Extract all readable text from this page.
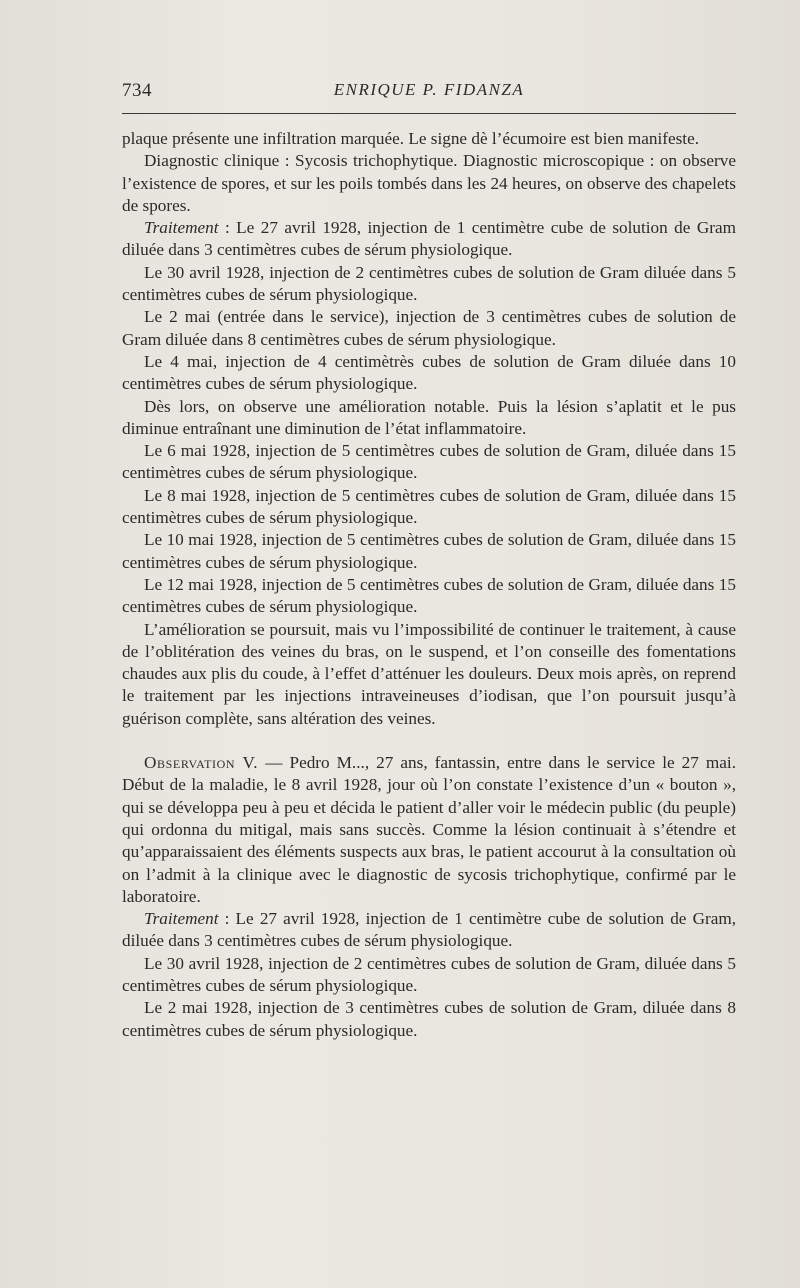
734	ENRIQUE P. FIDANZA

plaque présente une infiltration marquée. Le signe dè l’écumoire est bien manifeste.

Diagnostic clinique : Sycosis trichophytique. Diagnostic microscopique : on observe l’existence de spores, et sur les poils tombés dans les 24 heures, on observe des chapelets de spores.

Traitement : Le 27 avril 1928, injection de 1 centimètre cube de solution de Gram diluée dans 3 centimètres cubes de sérum physiologique.

Le 30 avril 1928, injection de 2 centimètres cubes de solution de Gram diluée dans 5 centimètres cubes de sérum physiologique.

Le 2 mai (entrée dans le service), injection de 3 centimètres cubes de solution de Gram diluée dans 8 centimètres cubes de sérum physiologique.

Le 4 mai, injection de 4 centimètrès cubes de solution de Gram diluée dans 10 centimètres cubes de sérum physiologique.

Dès lors, on observe une amélioration notable. Puis la lésion s’aplatit et le pus diminue entraînant une diminution de l’état inflammatoire.

Le 6 mai 1928, injection de 5 centimètres cubes de solution de Gram, diluée dans 15 centimètres cubes de sérum physiologique.

Le 8 mai 1928, injection de 5 centimètres cubes de solution de Gram, diluée dans 15 centimètres cubes de sérum physiologique.

Le 10 mai 1928, injection de 5 centimètres cubes de solution de Gram, diluée dans 15 centimètres cubes de sérum physiologique.

Le 12 mai 1928, injection de 5 centimètres cubes de solution de Gram, diluée dans 15 centimètres cubes de sérum physiologique.

L’amélioration se poursuit, mais vu l’impossibilité de continuer le traitement, à cause de l’oblitération des veines du bras, on le suspend, et l’on conseille des fomentations chaudes aux plis du coude, à l’effet d’atténuer les douleurs. Deux mois après, on reprend le traitement par les injections intraveineuses d’iodisan, que l’on poursuit jusqu’à guérison complète, sans altération des veines.

Observation V. — Pedro M..., 27 ans, fantassin, entre dans le service le 27 mai. Début de la maladie, le 8 avril 1928, jour où l’on constate l’existence d’un « bouton », qui se développa peu à peu et décida le patient d’aller voir le médecin public (du peuple) qui ordonna du mitigal, mais sans succès. Comme la lésion continuait à s’étendre et qu’apparaissaient des éléments suspects aux bras, le patient accourut à la consultation où on l’admit à la clinique avec le diagnostic de sycosis trichophytique, confirmé par le laboratoire.

Traitement : Le 27 avril 1928, injection de 1 centimètre cube de solution de Gram, diluée dans 3 centimètres cubes de sérum physiologique.

Le 30 avril 1928, injection de 2 centimètres cubes de solution de Gram, diluée dans 5 centimètres cubes de sérum physiologique.

Le 2 mai 1928, injection de 3 centimètres cubes de solution de Gram, diluée dans 8 centimètres cubes de sérum physiologique.
